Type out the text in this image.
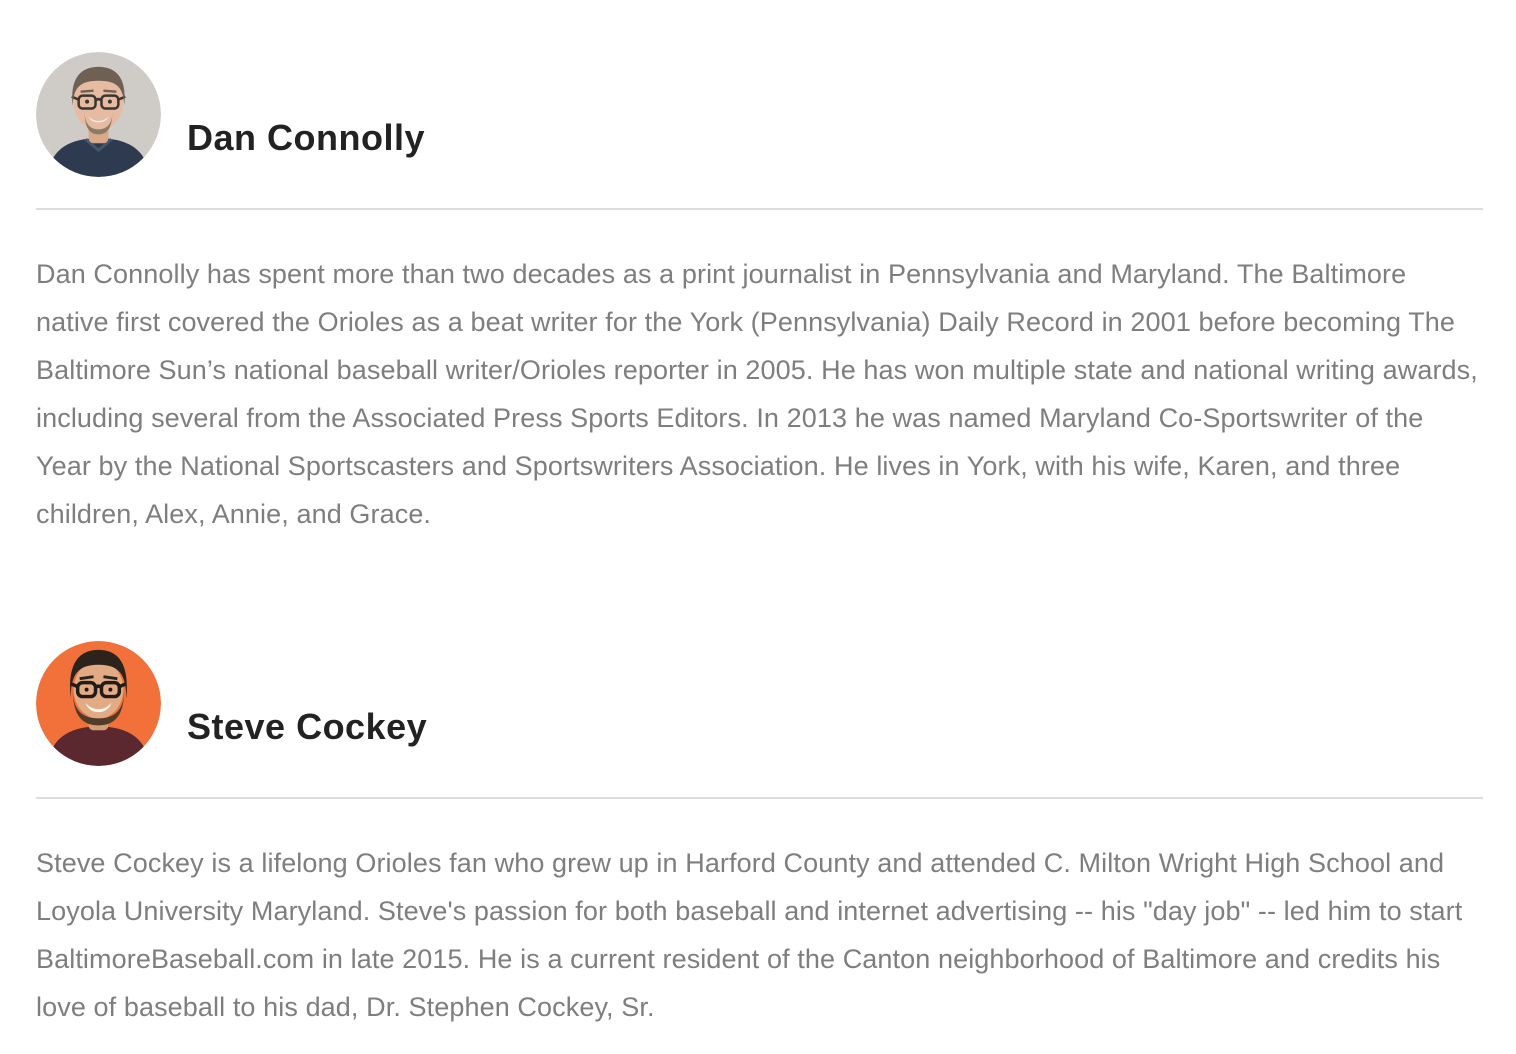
Dan Connolly

Dan Connolly has spent more than two decades as a print journalist in Pennsylvania and Maryland. The Baltimore native first covered the Orioles as a beat writer for the York (Pennsylvania) Daily Record in 2001 before becoming The Baltimore Sun’s national baseball writer/Orioles reporter in 2005. He has won multiple state and national writing awards, including several from the Associated Press Sports Editors. In 2013 he was named Maryland Co-Sportswriter of the Year by the National Sportscasters and Sportswriters Association. He lives in York, with his wife, Karen, and three children, Alex, Annie, and Grace.

Steve Cockey

Steve Cockey is a lifelong Orioles fan who grew up in Harford County and attended C. Milton Wright High School and Loyola University Maryland. Steve's passion for both baseball and internet advertising -- his "day job" -- led him to start BaltimoreBaseball.com in late 2015. He is a current resident of the Canton neighborhood of Baltimore and credits his love of baseball to his dad, Dr. Stephen Cockey, Sr.
